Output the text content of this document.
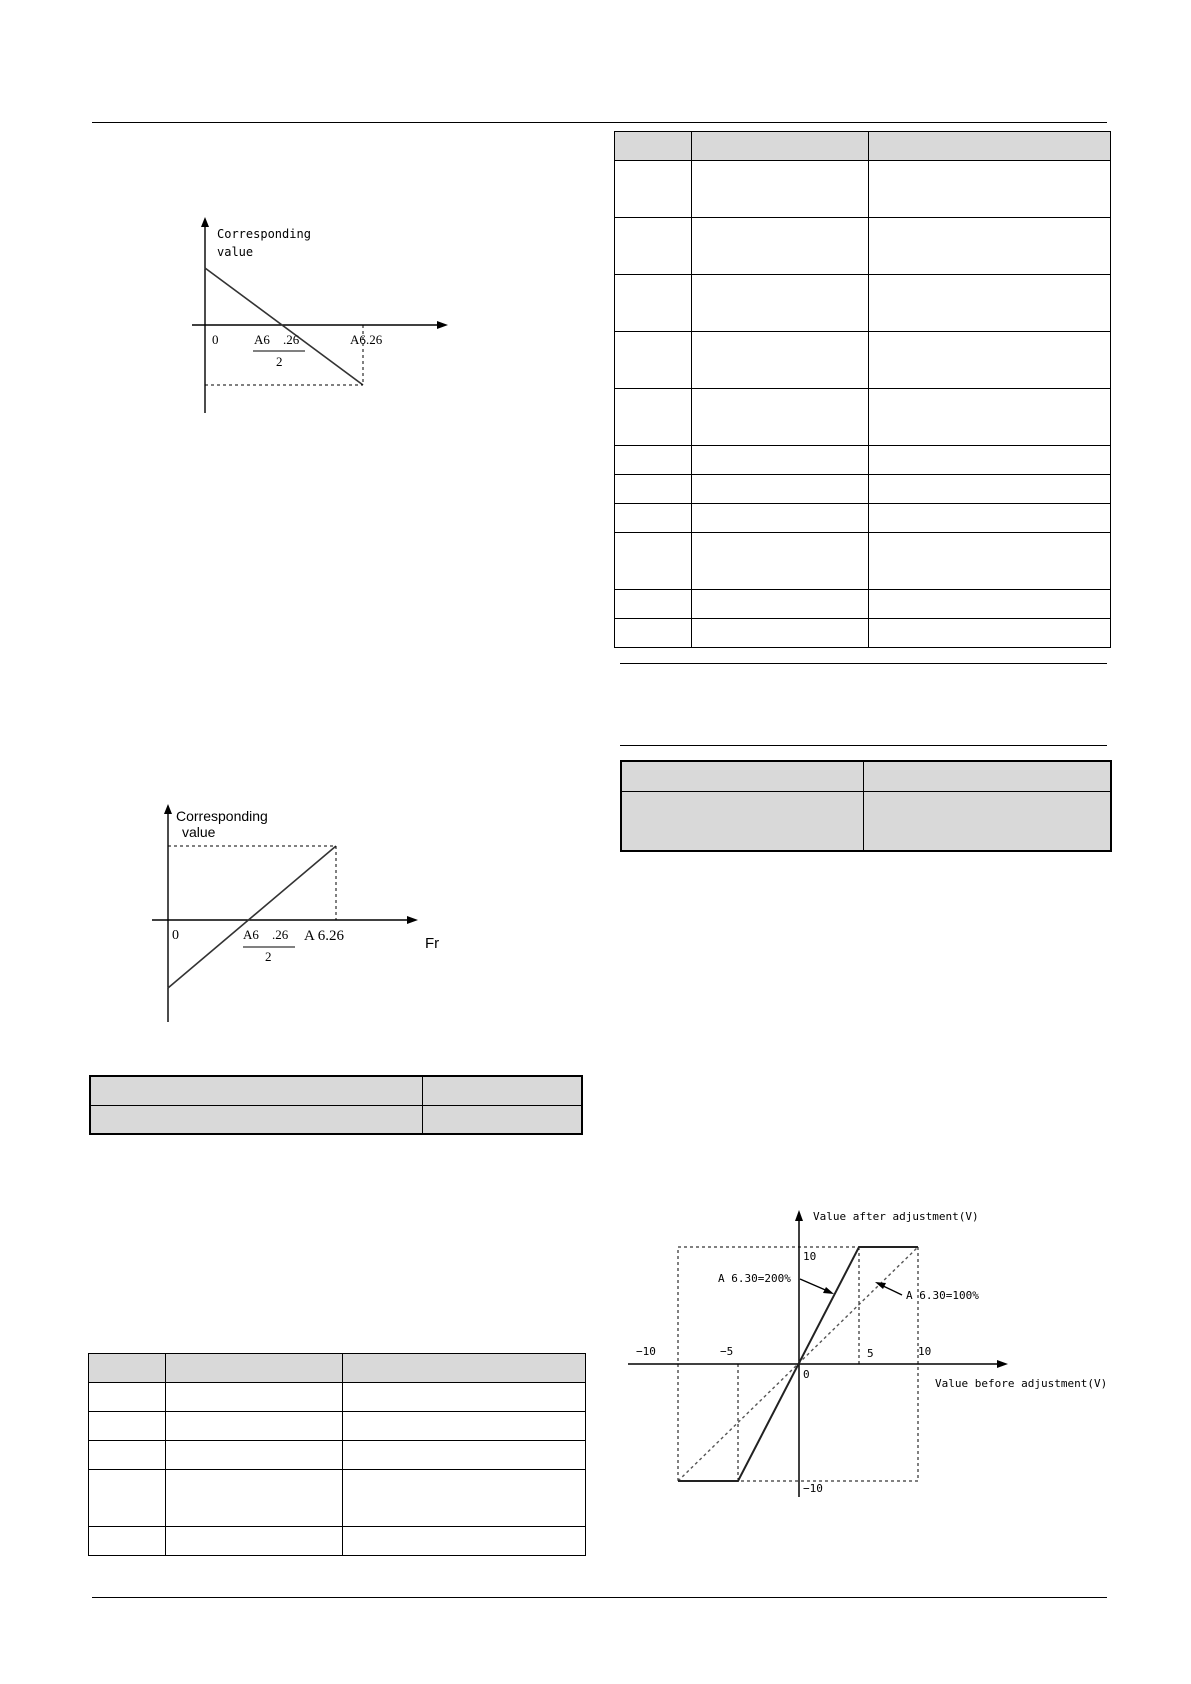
Corresponding
value
0	A6 .26
2
A6 .26
Corresponding
value
0	A6 .26
2
A 6.26	Fr

Value after adjustment(V)
Value before adjustment(V)
10
−10
−10	−5	5	10
0
A 6.30=200%
A 6.30=100%
